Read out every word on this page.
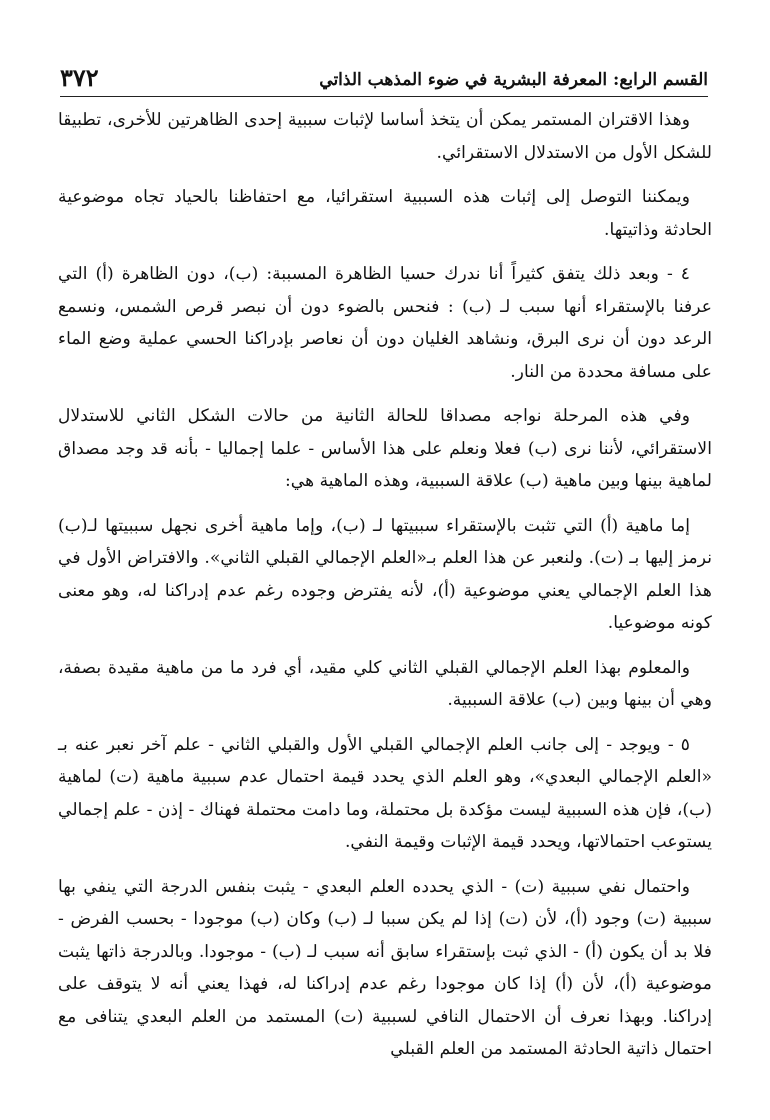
القسم الرابع: المعرفة البشرية في ضوء المذهب الذاتي
٣٧٢

وهذا الاقتران المستمر يمكن أن يتخذ أساسا لإثبات سببية إحدى الظاهرتين للأخرى، تطبيقا للشكل الأول من الاستدلال الاستقرائي.

ويمكننا التوصل إلى إثبات هذه السببية استقرائيا، مع احتفاظنا بالحياد تجاه موضوعية الحادثة وذاتيتها.

٤ - وبعد ذلك يتفق كثيراً أنا ندرك حسيا الظاهرة المسببة: (ب)، دون الظاهرة (أ) التي عرفنا بالإستقراء أنها سبب لـ (ب) : فنحس بالضوء دون أن نبصر قرص الشمس، ونسمع الرعد دون أن نرى البرق، ونشاهد الغليان دون أن نعاصر بإدراكنا الحسي عملية وضع الماء على مسافة محددة من النار.

وفي هذه المرحلة نواجه مصداقا للحالة الثانية من حالات الشكل الثاني للاستدلال الاستقرائي، لأننا نرى (ب) فعلا ونعلم على هذا الأساس - علما إجماليا - بأنه قد وجد مصداق لماهية بينها وبين ماهية (ب) علاقة السببية، وهذه الماهية هي:

إما ماهية (أ) التي تثبت بالإستقراء سببيتها لـ (ب)، وإما ماهية أخرى نجهل سببيتها لـ(ب) نرمز إليها بـ (ت). ولنعبر عن هذا العلم بـ«العلم الإجمالي القبلي الثاني». والافتراض الأول في هذا العلم الإجمالي يعني موضوعية (أ)، لأنه يفترض وجوده رغم عدم إدراكنا له، وهو معنى كونه موضوعيا.

والمعلوم بهذا العلم الإجمالي القبلي الثاني كلي مقيد، أي فرد ما من ماهية مقيدة بصفة، وهي أن بينها وبين (ب) علاقة السببية.

٥ - ويوجد - إلى جانب العلم الإجمالي القبلي الأول والقبلي الثاني - علم آخر نعبر عنه بـ «العلم الإجمالي البعدي»، وهو العلم الذي يحدد قيمة احتمال عدم سببية ماهية (ت) لماهية (ب)، فإن هذه السببية ليست مؤكدة بل محتملة، وما دامت محتملة فهناك - إذن - علم إجمالي يستوعب احتمالاتها، ويحدد قيمة الإثبات وقيمة النفي.

واحتمال نفي سببية (ت) - الذي يحدده العلم البعدي - يثبت بنفس الدرجة التي ينفي بها سببية (ت) وجود (أ)، لأن (ت) إذا لم يكن سببا لـ (ب) وكان (ب) موجودا - بحسب الفرض - فلا بد أن يكون (أ) - الذي ثبت بإستقراء سابق أنه سبب لـ (ب) - موجودا. وبالدرجة ذاتها يثبت موضوعية (أ)، لأن (أ) إذا كان موجودا رغم عدم إدراكنا له، فهذا يعني أنه لا يتوقف على إدراكنا. وبهذا نعرف أن الاحتمال النافي لسببية (ت) المستمد من العلم البعدي يتنافى مع احتمال ذاتية الحادثة المستمد من العلم القبلي
